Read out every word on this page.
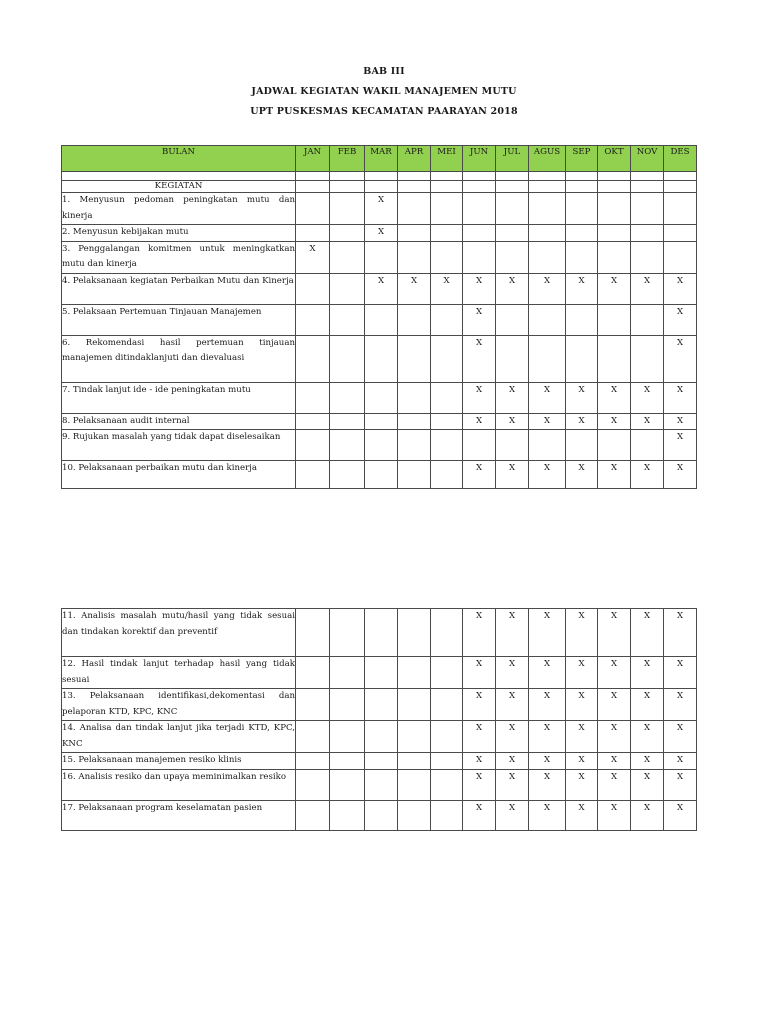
BAB III
JADWAL KEGIATAN WAKIL MANAJEMEN MUTU
UPT PUSKESMAS KECAMATAN PAARAYAN 2018
BULAN	JAN	FEB	MAR	APR	MEI	JUN	JUL	AGUS	SEP	OKT	NOV	DES

KEGIATAN												
1. Menyusun pedoman peningkatan mutu dan kinerja			X									
2. Menyusun kebijakan mutu			X									
3. Penggalangan komitmen untuk meningkatkan mutu dan kinerja	X											
4. Pelaksanaan kegiatan Perbaikan Mutu dan Kinerja			X	X	X	X	X	X	X	X	X	X
5. Pelaksaan Pertemuan Tinjauan Manajemen						X						X
6. Rekomendasi hasil pertemuan tinjauan manajemen ditindaklanjuti dan dievaluasi						X						X
7. Tindak lanjut ide - ide peningkatan mutu						X	X	X	X	X	X	X
8. Pelaksanaan audit internal						X	X	X	X	X	X	X
9. Rujukan masalah yang tidak dapat diselesaikan												X
10. Pelaksanaan perbaikan mutu dan kinerja						X	X	X	X	X	X	X
11. Analisis masalah mutu/hasil yang tidak sesuai dan tindakan korektif dan preventif						X	X	X	X	X	X	X
12. Hasil tindak lanjut terhadap hasil yang tidak sesuai						X	X	X	X	X	X	X
13. Pelaksanaan identifikasi,dekomentasi dan pelaporan KTD, KPC, KNC						X	X	X	X	X	X	X
14. Analisa dan tindak lanjut jika terjadi KTD, KPC, KNC						X	X	X	X	X	X	X
15. Pelaksanaan manajemen resiko klinis						X	X	X	X	X	X	X
16. Analisis resiko dan upaya meminimalkan resiko						X	X	X	X	X	X	X
17. Pelaksanaan program keselamatan pasien						X	X	X	X	X	X	X
